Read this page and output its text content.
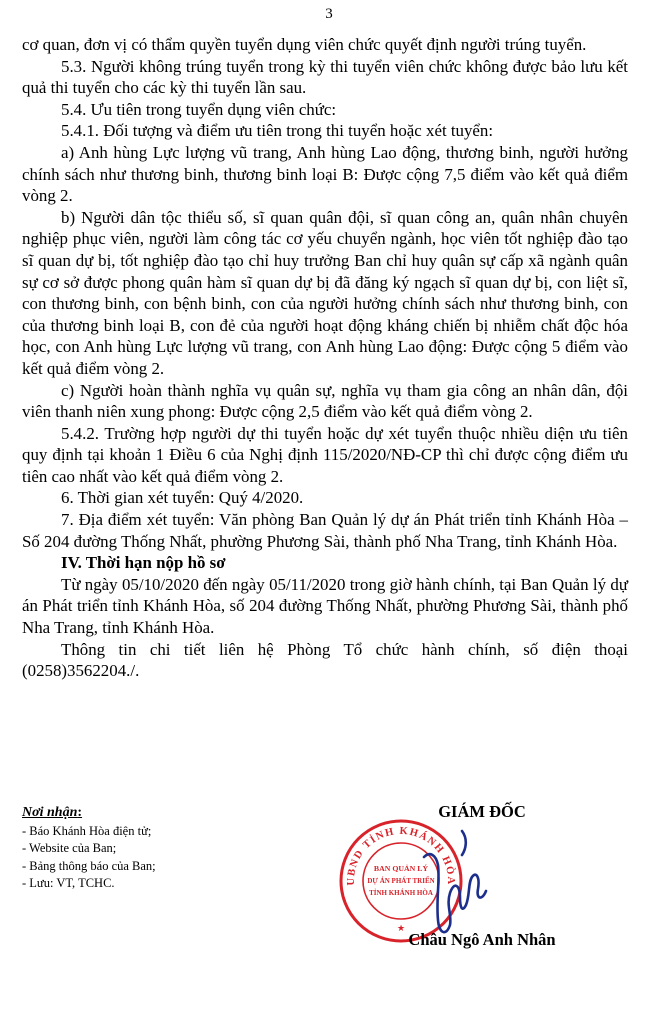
3

cơ quan, đơn vị có thẩm quyền tuyển dụng viên chức quyết định người trúng tuyển.

5.3. Người không trúng tuyển trong kỳ thi tuyển viên chức không được bảo lưu kết quả thi tuyển cho các kỳ thi tuyển lần sau.

5.4. Ưu tiên trong tuyển dụng viên chức:

5.4.1. Đối tượng và điểm ưu tiên trong thi tuyển hoặc xét tuyển:

a) Anh hùng Lực lượng vũ trang, Anh hùng Lao động, thương binh, người hưởng chính sách như thương binh, thương binh loại B: Được cộng 7,5 điểm vào kết quả điểm vòng 2.

b) Người dân tộc thiểu số, sĩ quan quân đội, sĩ quan công an, quân nhân chuyên nghiệp phục viên, người làm công tác cơ yếu chuyển ngành, học viên tốt nghiệp đào tạo sĩ quan dự bị, tốt nghiệp đào tạo chỉ huy trưởng Ban chỉ huy quân sự cấp xã ngành quân sự cơ sở được phong quân hàm sĩ quan dự bị đã đăng ký ngạch sĩ quan dự bị, con liệt sĩ, con thương binh, con bệnh binh, con của người hưởng chính sách như thương binh, con của thương binh loại B, con đẻ của người hoạt động kháng chiến bị nhiễm chất độc hóa học, con Anh hùng Lực lượng vũ trang, con Anh hùng Lao động: Được cộng 5 điểm vào kết quả điểm vòng 2.

c) Người hoàn thành nghĩa vụ quân sự, nghĩa vụ tham gia công an nhân dân, đội viên thanh niên xung phong: Được cộng 2,5 điểm vào kết quả điểm vòng 2.

5.4.2. Trường hợp người dự thi tuyển hoặc dự xét tuyển thuộc nhiều diện ưu tiên quy định tại khoản 1 Điều 6 của Nghị định 115/2020/NĐ-CP thì chỉ được cộng điểm ưu tiên cao nhất vào kết quả điểm vòng 2.

6. Thời gian xét tuyển: Quý 4/2020.

7. Địa điểm xét tuyển: Văn phòng Ban Quản lý dự án Phát triển tỉnh Khánh Hòa – Số 204 đường Thống Nhất, phường Phương Sài, thành phố Nha Trang, tỉnh Khánh Hòa.

IV. Thời hạn nộp hồ sơ

Từ ngày 05/10/2020 đến ngày 05/11/2020 trong giờ hành chính, tại Ban Quản lý dự án Phát triển tỉnh Khánh Hòa, số 204 đường Thống Nhất, phường Phương Sài, thành phố Nha Trang, tỉnh Khánh Hòa.

Thông tin chi tiết liên hệ Phòng Tổ chức hành chính, số điện thoại (0258)3562204./.

Nơi nhận:
- Báo Khánh Hòa điện tử;
- Website của Ban;
- Bảng thông báo của Ban;
- Lưu: VT, TCHC.
GIÁM ĐỐC
UBND TỈNH KHÁNH HÒA
BAN QUẢN LÝ
DỰ ÁN PHÁT TRIỂN
TỈNH KHÁNH HÒA
★
Châu Ngô Anh Nhân
